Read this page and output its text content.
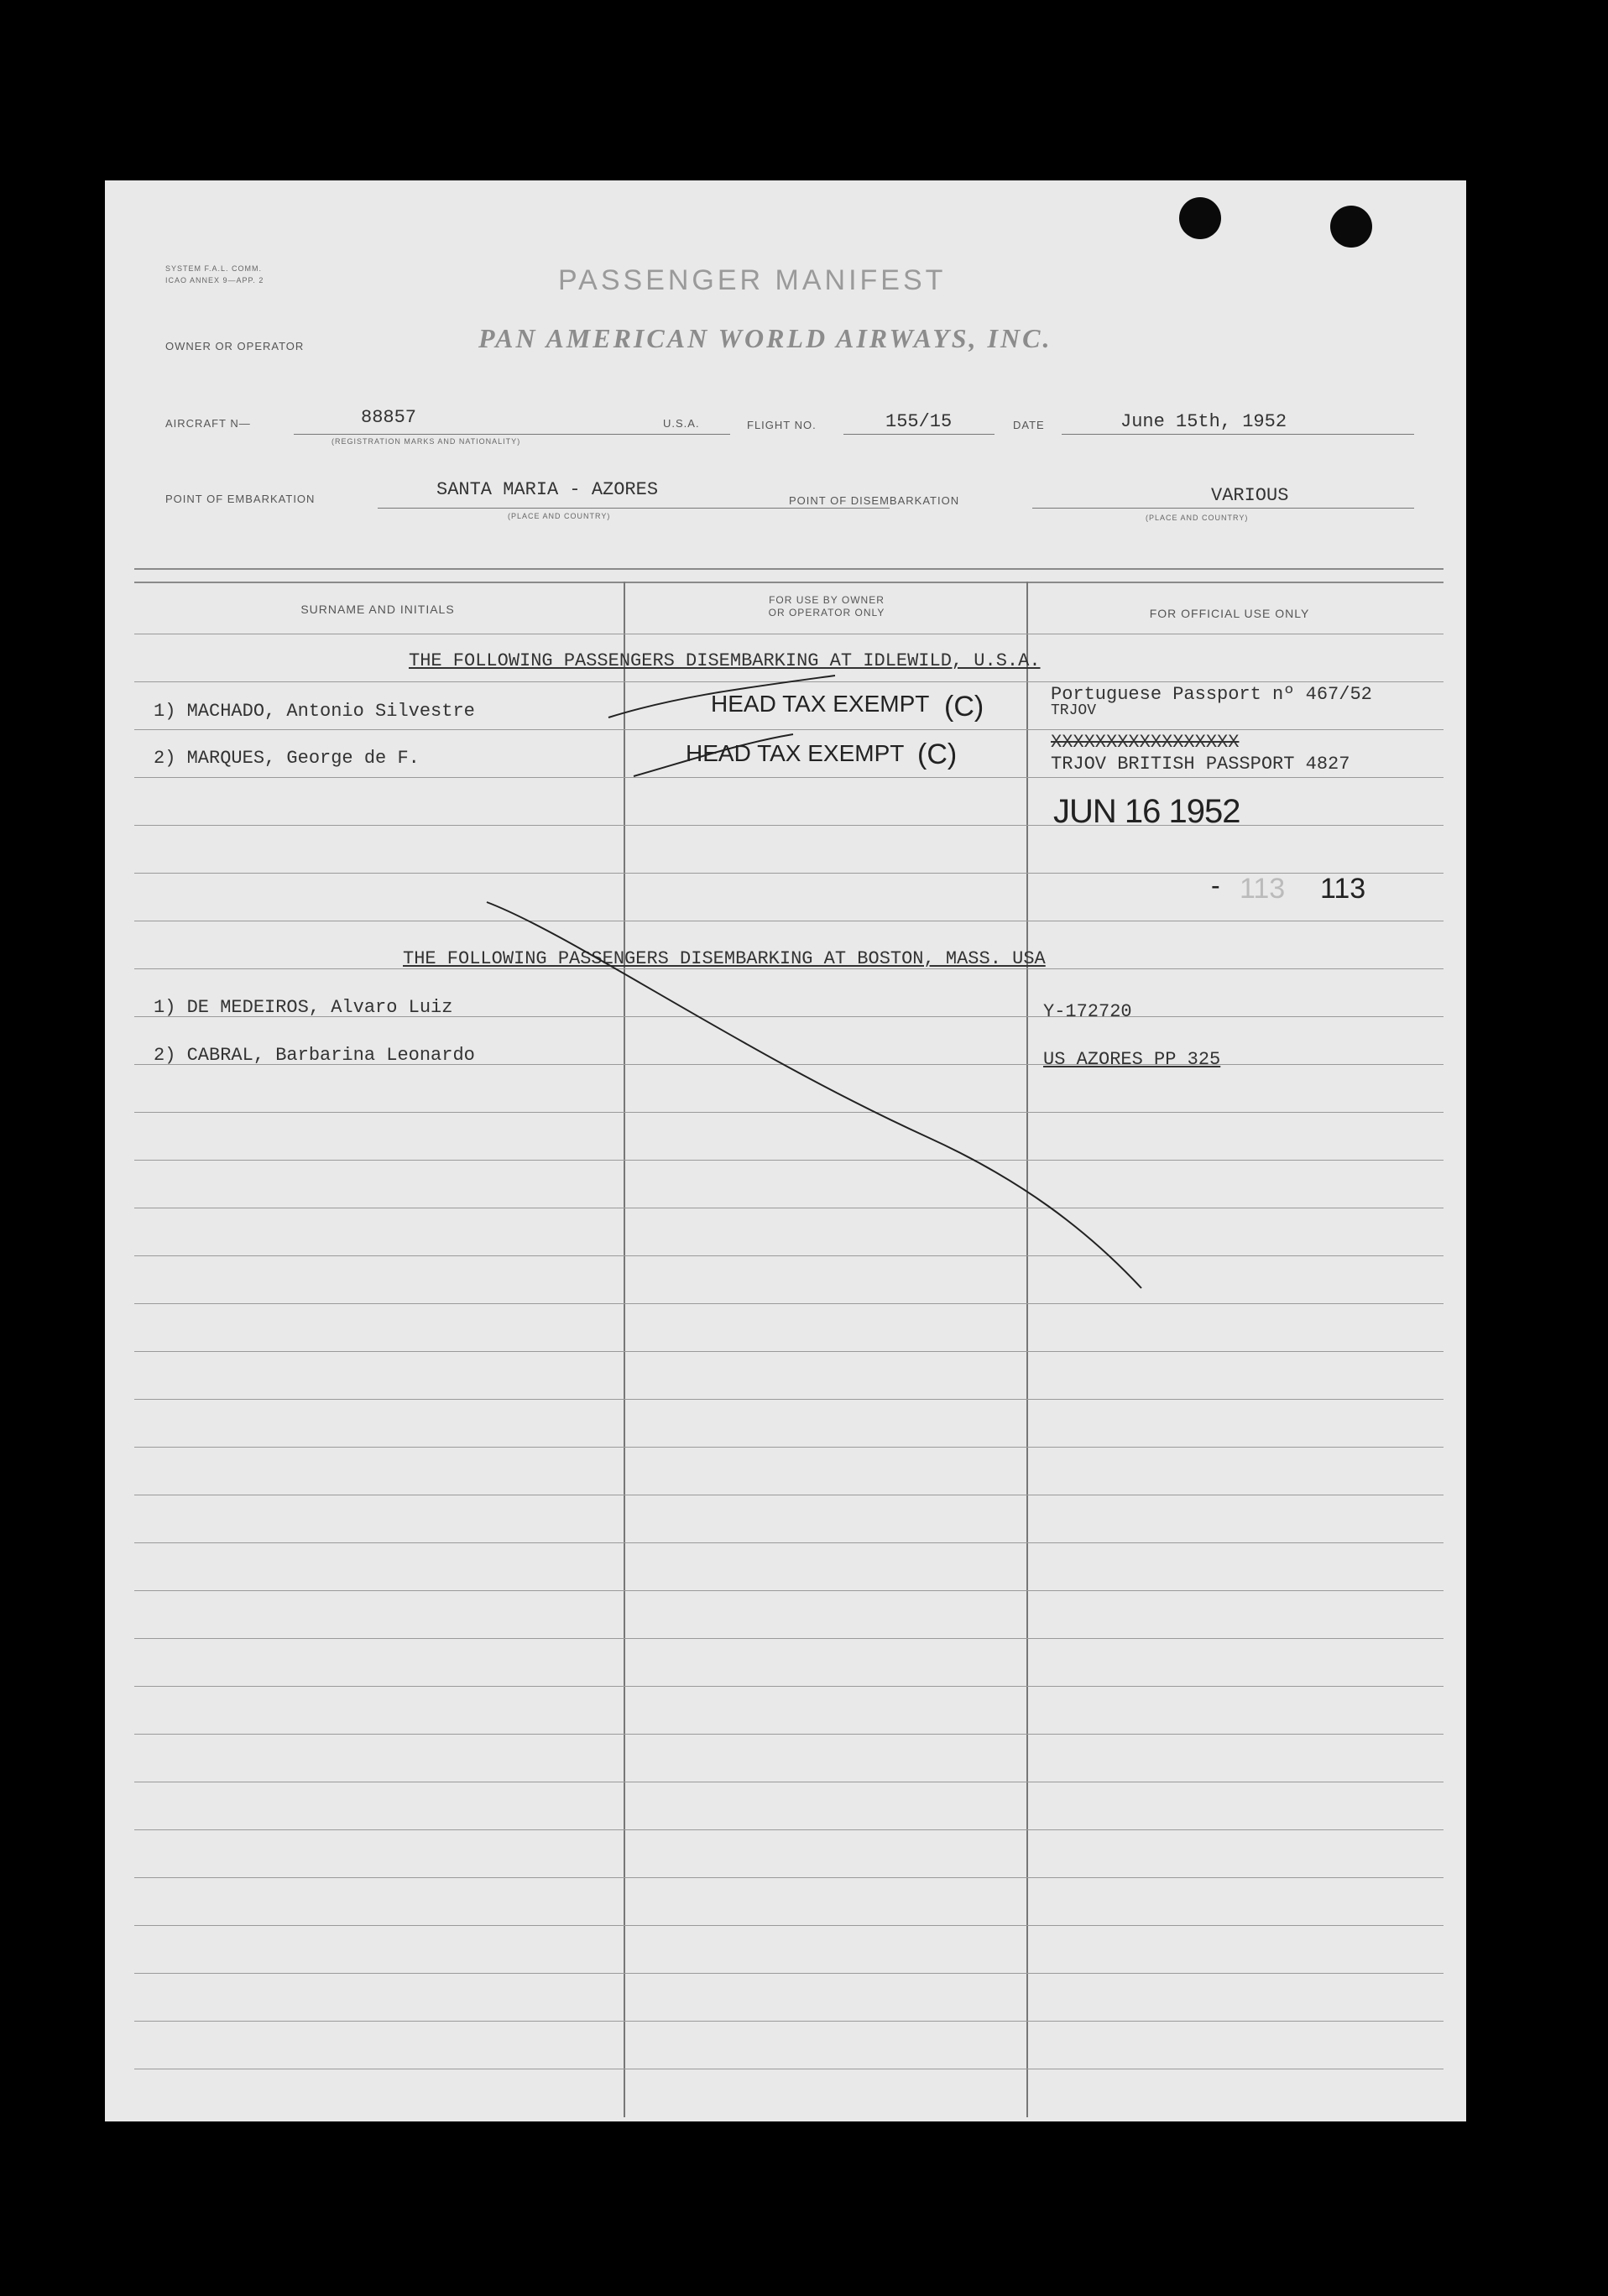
SYSTEM F.A.L. COMM.
ICAO ANNEX 9—APP. 2	PASSENGER MANIFEST
OWNER OR OPERATOR	PAN AMERICAN WORLD AIRWAYS, INC.
AIRCRAFT N—	88857
(REGISTRATION MARKS AND NATIONALITY)
U.S.A.	FLIGHT NO.	155/15	DATE	June 15th, 1952
POINT OF EMBARKATION	SANTA MARIA - AZORES
(PLACE AND COUNTRY)
POINT OF DISEMBARKATION	VARIOUS
(PLACE AND COUNTRY)
SURNAME AND INITIALS
FOR USE BY OWNER
OR OPERATOR ONLY	FOR OFFICIAL USE ONLY
THE FOLLOWING PASSENGERS DISEMBARKING AT IDLEWILD, U.S.A.
1) MACHADO, Antonio Silvestre	HEAD TAX EXEMPT (C)	Portuguese Passport nº 467/52
TRJOV
2) MARQUES, George de F.	HEAD TAX EXEMPT (C)	XXXXXXXXXXXXXXXXX
TRJOV BRITISH PASSPORT 4827
JUN 16 1952
- 113 113
THE FOLLOWING PASSENGERS DISEMBARKING AT BOSTON, MASS. USA
1) DE MEDEIROS, Alvaro Luiz	Y-172720
2) CABRAL, Barbarina Leonardo	US AZORES PP 325
